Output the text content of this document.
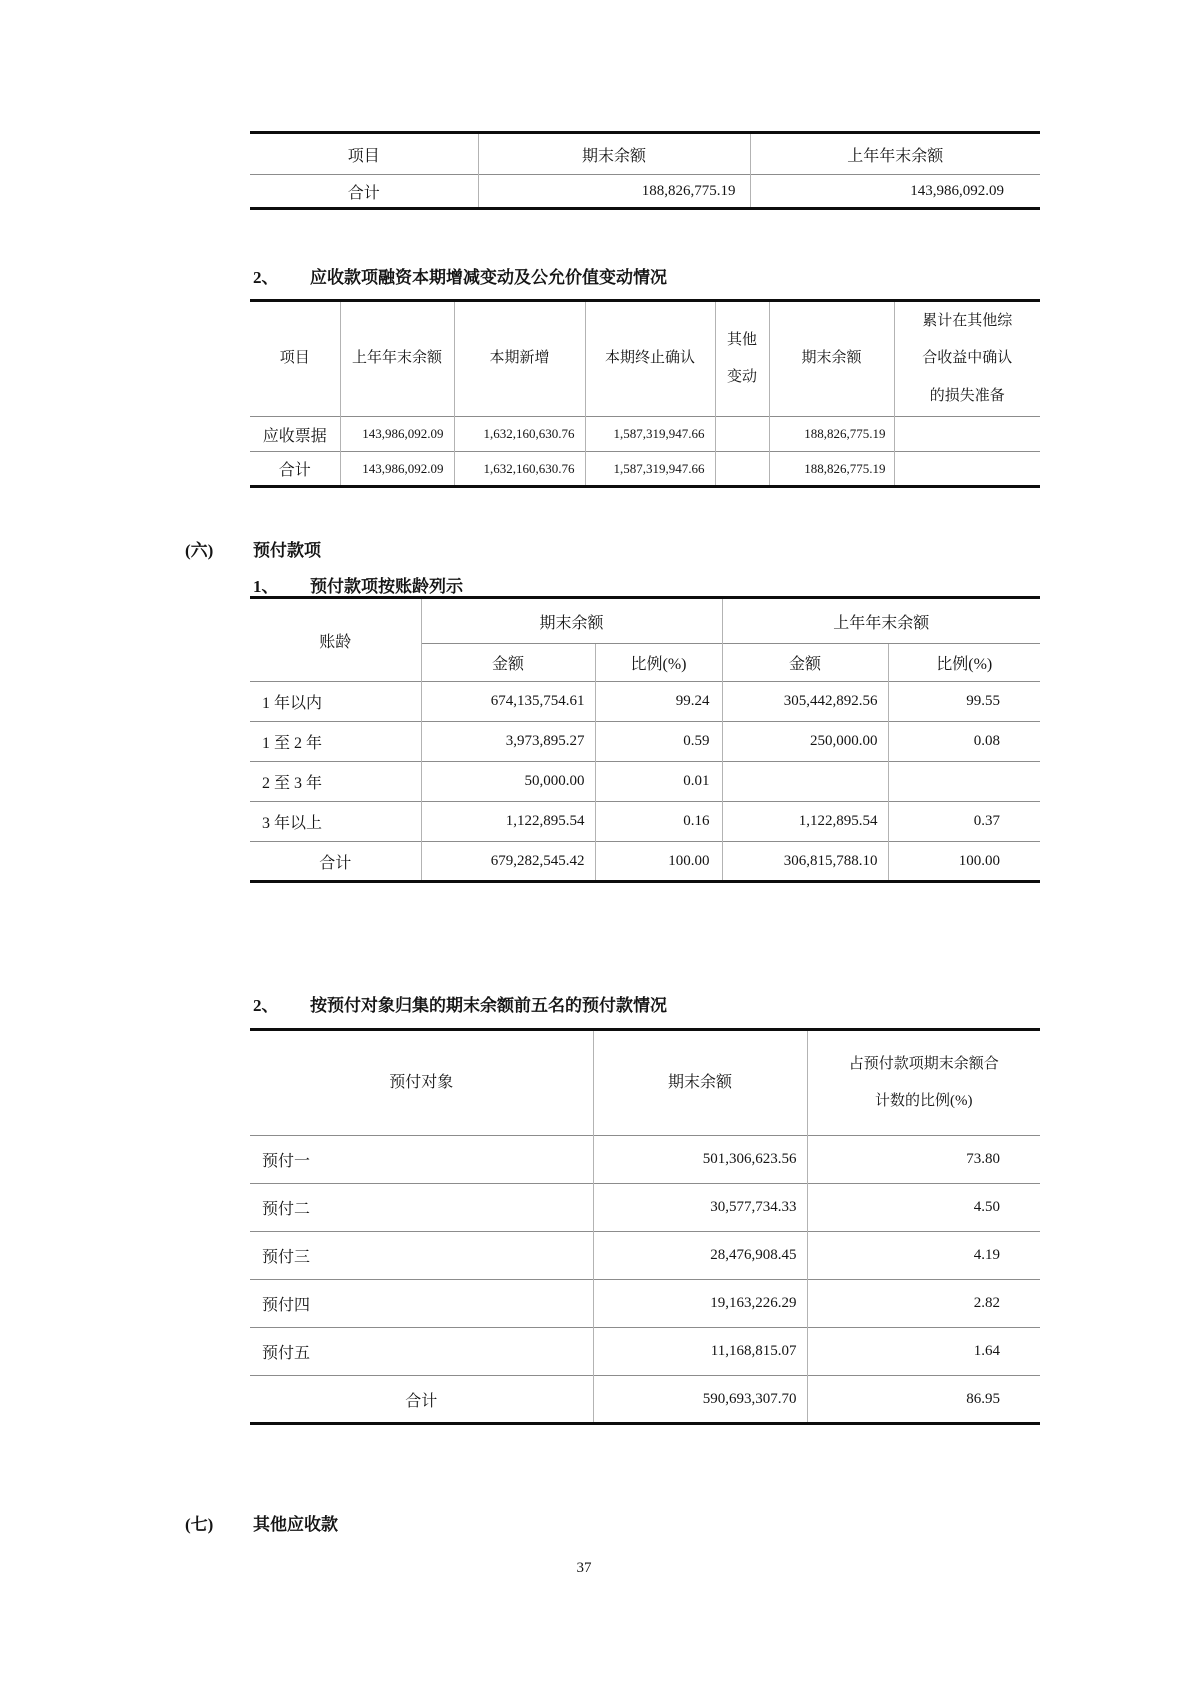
项目	期末余额	上年年末余额
合计	188,826,775.19	143,986,092.09
2、	应收款项融资本期增减变动及公允价值变动情况
项目	上年年末余额	本期新增	本期终止确认	其他变动	期末余额	累计在其他综合收益中确认的损失准备
应收票据	143,986,092.09	1,632,160,630.76	1,587,319,947.66		188,826,775.19	
合计	143,986,092.09	1,632,160,630.76	1,587,319,947.66		188,826,775.19	
(六)	预付款项
1、	预付款项按账龄列示
账龄	期末余额		上年年末余额	
	金额	比例(%)	金额	比例(%)
1 年以内	674,135,754.61	99.24	305,442,892.56	99.55
1 至 2 年	3,973,895.27	0.59	250,000.00	0.08
2 至 3 年	50,000.00	0.01		
3 年以上	1,122,895.54	0.16	1,122,895.54	0.37
合计	679,282,545.42	100.00	306,815,788.10	100.00
2、	按预付对象归集的期末余额前五名的预付款情况
预付对象	期末余额	占预付款项期末余额合计数的比例(%)
预付一	501,306,623.56	73.80
预付二	30,577,734.33	4.50
预付三	28,476,908.45	4.19
预付四	19,163,226.29	2.82
预付五	11,168,815.07	1.64
合计	590,693,307.70	86.95
(七)	其他应收款
37
